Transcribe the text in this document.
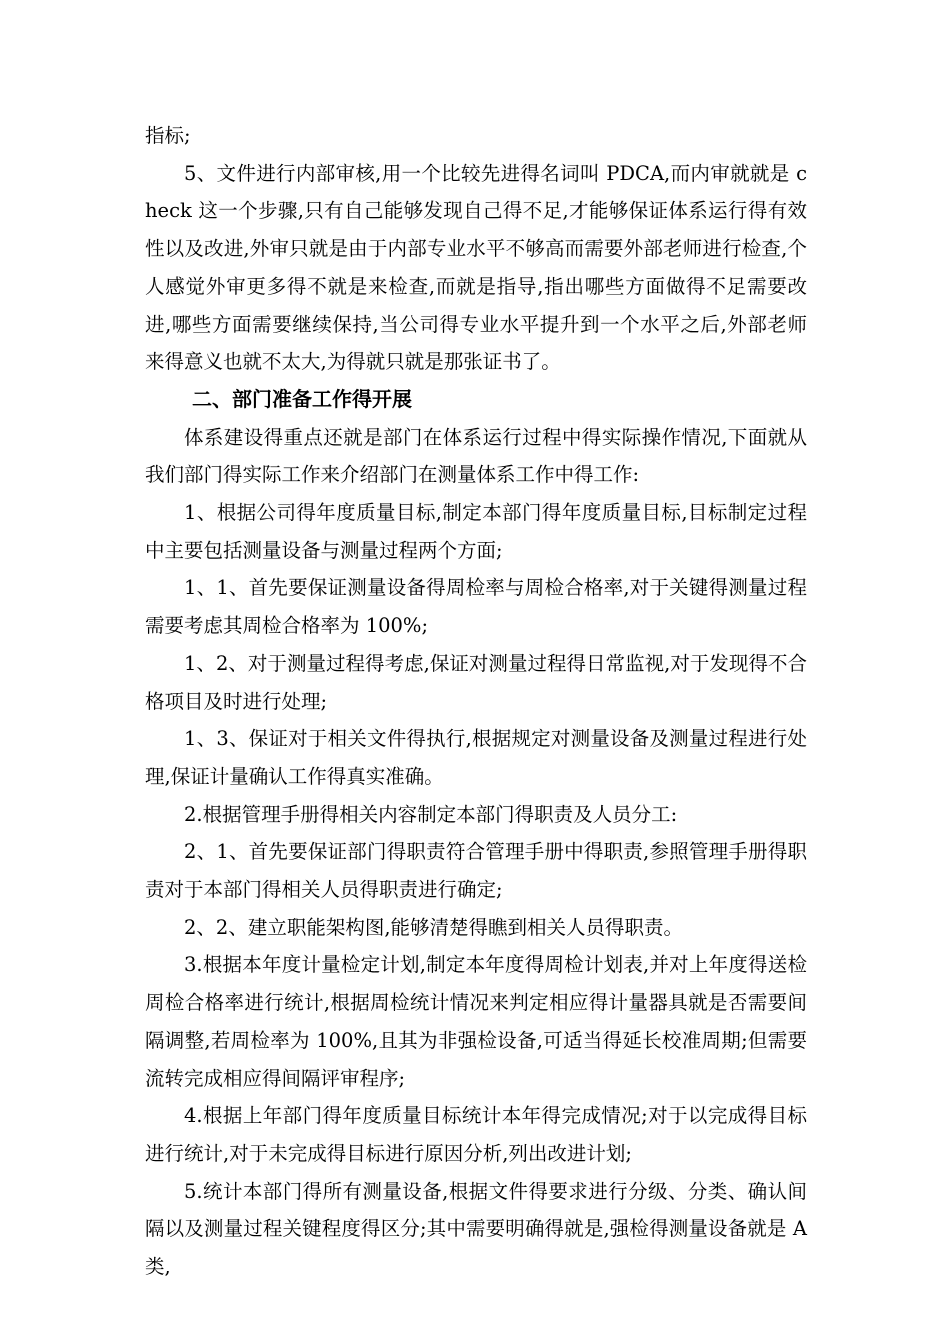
指标;

5、文件进行内部审核,用一个比较先进得名词叫 PDCA,而内审就就是 check 这一个步骤,只有自己能够发现自己得不足,才能够保证体系运行得有效性以及改进,外审只就是由于内部专业水平不够高而需要外部老师进行检查,个人感觉外审更多得不就是来检查,而就是指导,指出哪些方面做得不足需要改进,哪些方面需要继续保持,当公司得专业水平提升到一个水平之后,外部老师来得意义也就不太大,为得就只就是那张证书了。

二、部门准备工作得开展

体系建设得重点还就是部门在体系运行过程中得实际操作情况,下面就从我们部门得实际工作来介绍部门在测量体系工作中得工作:

1、根据公司得年度质量目标,制定本部门得年度质量目标,目标制定过程中主要包括测量设备与测量过程两个方面;

1、1、首先要保证测量设备得周检率与周检合格率,对于关键得测量过程需要考虑其周检合格率为 100%;

1、2、对于测量过程得考虑,保证对测量过程得日常监视,对于发现得不合格项目及时进行处理;

1、3、保证对于相关文件得执行,根据规定对测量设备及测量过程进行处理,保证计量确认工作得真实准确。

2.根据管理手册得相关内容制定本部门得职责及人员分工:

2、1、首先要保证部门得职责符合管理手册中得职责,参照管理手册得职责对于本部门得相关人员得职责进行确定;

2、2、建立职能架构图,能够清楚得瞧到相关人员得职责。

3.根据本年度计量检定计划,制定本年度得周检计划表,并对上年度得送检周检合格率进行统计,根据周检统计情况来判定相应得计量器具就是否需要间隔调整,若周检率为 100%,且其为非强检设备,可适当得延长校准周期;但需要流转完成相应得间隔评审程序;

4.根据上年部门得年度质量目标统计本年得完成情况;对于以完成得目标进行统计,对于未完成得目标进行原因分析,列出改进计划;

5.统计本部门得所有测量设备,根据文件得要求进行分级、分类、确认间隔以及测量过程关键程度得区分;其中需要明确得就是,强检得测量设备就是 A 类,
